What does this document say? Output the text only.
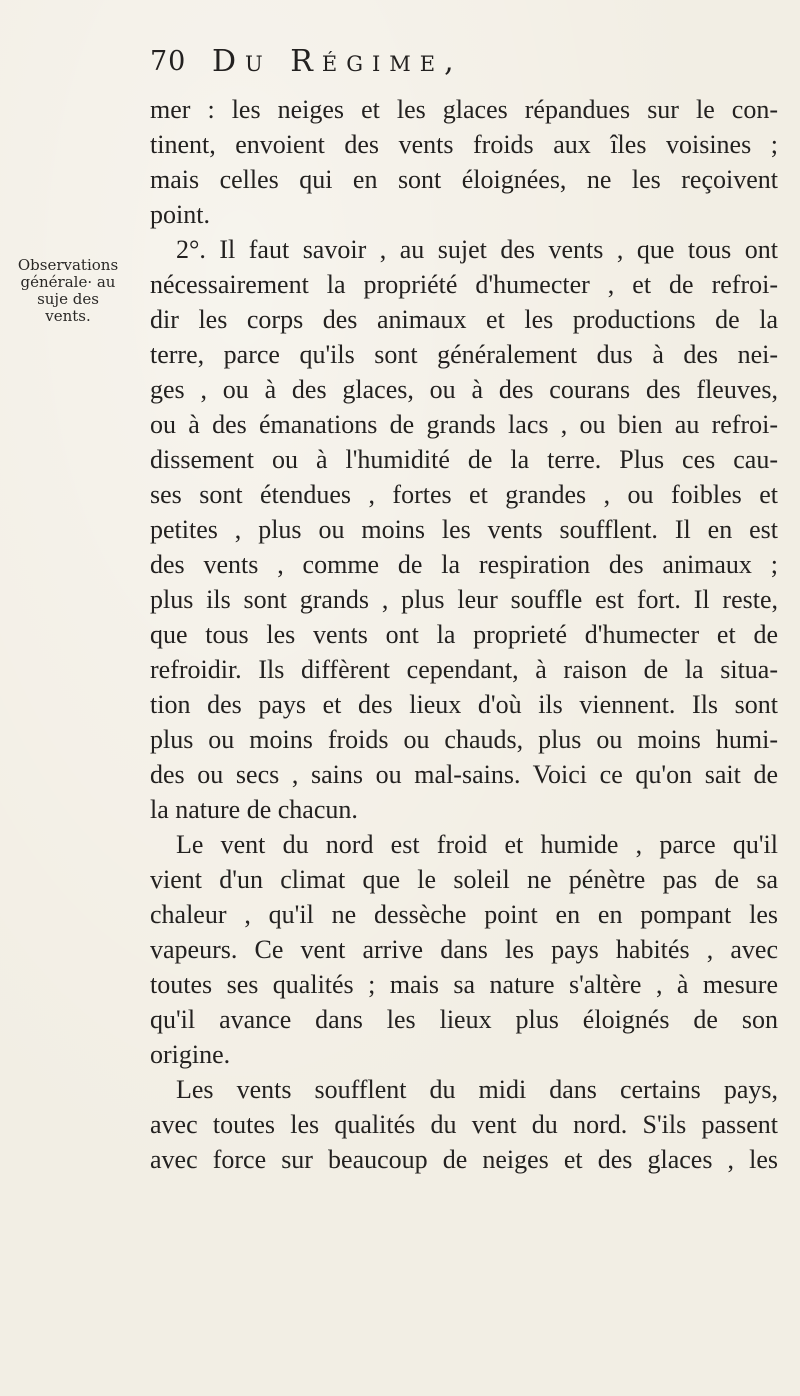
70 Du Régime,
Observations
générale· au
suje des
vents.
mer : les neiges et les glaces répandues sur le con-
tinent, envoient des vents froids aux îles voisines ;
mais celles qui en sont éloignées, ne les reçoivent
point.
2°. Il faut savoir , au sujet des vents , que tous ont
nécessairement la propriété d'humecter , et de refroi-
dir les corps des animaux et les productions de la
terre, parce qu'ils sont généralement dus à des nei-
ges , ou à des glaces, ou à des courans des fleuves,
ou à des émanations de grands lacs , ou bien au refroi-
dissement ou à l'humidité de la terre. Plus ces cau-
ses sont étendues , fortes et grandes , ou foibles et
petites , plus ou moins les vents soufflent. Il en est
des vents , comme de la respiration des animaux ;
plus ils sont grands , plus leur souffle est fort. Il reste,
que tous les vents ont la proprieté d'humecter et de
refroidir. Ils diffèrent cependant, à raison de la situa-
tion des pays et des lieux d'où ils viennent. Ils sont
plus ou moins froids ou chauds, plus ou moins humi-
des ou secs , sains ou mal-sains. Voici ce qu'on sait de
la nature de chacun.
Le vent du nord est froid et humide , parce qu'il
vient d'un climat que le soleil ne pénètre pas de sa
chaleur , qu'il ne dessèche point en en pompant les
vapeurs. Ce vent arrive dans les pays habités , avec
toutes ses qualités ; mais sa nature s'altère , à mesure
qu'il avance dans les lieux plus éloignés de son
origine.
Les vents soufflent du midi dans certains pays,
avec toutes les qualités du vent du nord. S'ils passent
avec force sur beaucoup de neiges et des glaces , les
